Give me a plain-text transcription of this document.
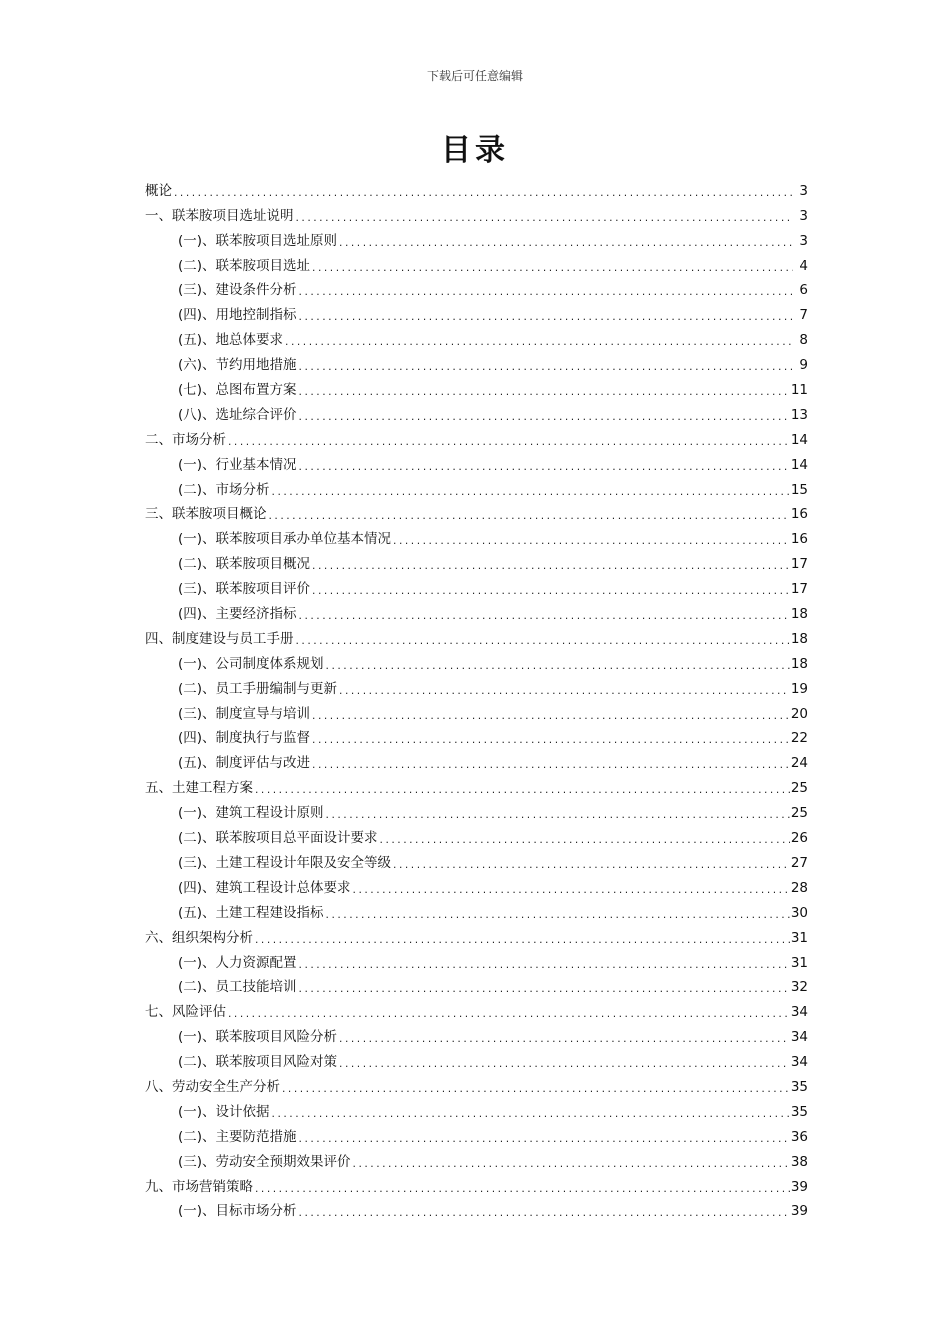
下载后可任意编辑
目录
概论 .....	3
一、联苯胺项目选址说明 .....	3
(一)、联苯胺项目选址原则 .....	3
(二)、联苯胺项目选址 .....	4
(三)、建设条件分析 .....	6
(四)、用地控制指标 .....	7
(五)、地总体要求 .....	8
(六)、节约用地措施 .....	9
(七)、总图布置方案 .....	11
(八)、选址综合评价 .....	13
二、市场分析 .....	14
(一)、行业基本情况 .....	14
(二)、市场分析 .....	15
三、联苯胺项目概论 .....	16
(一)、联苯胺项目承办单位基本情况 .....	16
(二)、联苯胺项目概况 .....	17
(三)、联苯胺项目评价 .....	17
(四)、主要经济指标 .....	18
四、制度建设与员工手册 .....	18
(一)、公司制度体系规划 .....	18
(二)、员工手册编制与更新 .....	19
(三)、制度宣导与培训 .....	20
(四)、制度执行与监督 .....	22
(五)、制度评估与改进 .....	24
五、土建工程方案 .....	25
(一)、建筑工程设计原则 .....	25
(二)、联苯胺项目总平面设计要求 .....	26
(三)、土建工程设计年限及安全等级 .....	27
(四)、建筑工程设计总体要求 .....	28
(五)、土建工程建设指标 .....	30
六、组织架构分析 .....	31
(一)、人力资源配置 .....	31
(二)、员工技能培训 .....	32
七、风险评估 .....	34
(一)、联苯胺项目风险分析 .....	34
(二)、联苯胺项目风险对策 .....	34
八、劳动安全生产分析 .....	35
(一)、设计依据 .....	35
(二)、主要防范措施 .....	36
(三)、劳动安全预期效果评价 .....	38
九、市场营销策略 .....	39
(一)、目标市场分析 .....	39
